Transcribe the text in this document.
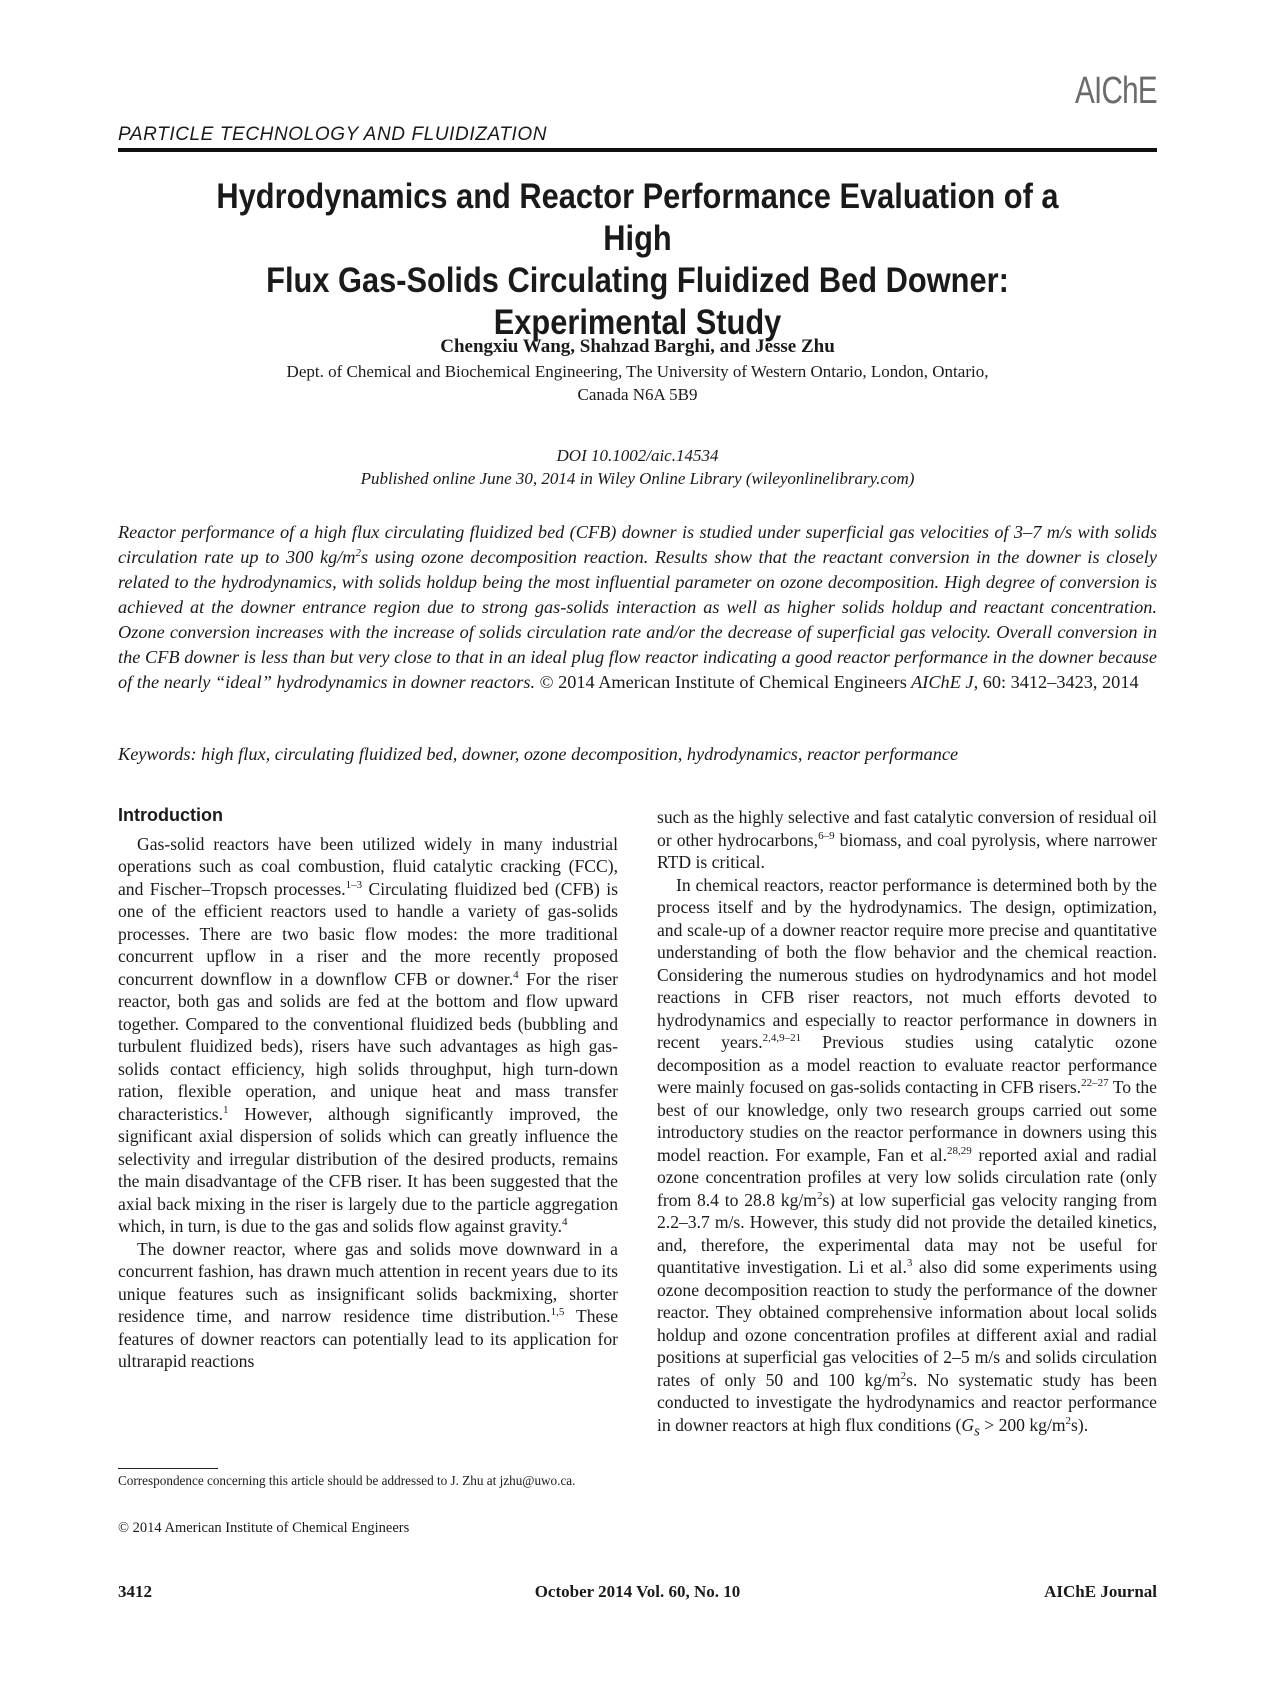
AIChE
PARTICLE TECHNOLOGY AND FLUIDIZATION
Hydrodynamics and Reactor Performance Evaluation of a High
Flux Gas-Solids Circulating Fluidized Bed Downer:
Experimental Study
Chengxiu Wang, Shahzad Barghi, and Jesse Zhu
Dept. of Chemical and Biochemical Engineering, The University of Western Ontario, London, Ontario,
Canada N6A 5B9
DOI 10.1002/aic.14534
Published online June 30, 2014 in Wiley Online Library (wileyonlinelibrary.com)
Reactor performance of a high flux circulating fluidized bed (CFB) downer is studied under superficial gas velocities of 3–7 m/s with solids circulation rate up to 300 $kg/m^2s$ using ozone decomposition reaction. Results show that the reactant conversion in the downer is closely related to the hydrodynamics, with solids holdup being the most influential parameter on ozone decomposition. High degree of conversion is achieved at the downer entrance region due to strong gas-solids interaction as well as higher solids holdup and reactant concentration. Ozone conversion increases with the increase of solids circulation rate and/or the decrease of superficial gas velocity. Overall conversion in the CFB downer is less than but very close to that in an ideal plug flow reactor indicating a good reactor performance in the downer because of the nearly “ideal” hydrodynamics in downer reactors. © 2014 American Institute of Chemical Engineers AIChE J, 60: 3412–3423, 2014
Keywords: high flux, circulating fluidized bed, downer, ozone decomposition, hydrodynamics, reactor performance
Introduction

Gas-solid reactors have been utilized widely in many industrial operations such as coal combustion, fluid catalytic cracking (FCC), and Fischer–Tropsch processes.$^{1-3}$ Circulating fluidized bed (CFB) is one of the efficient reactors used to handle a variety of gas-solids processes. There are two basic flow modes: the more traditional concurrent upflow in a riser and the more recently proposed concurrent downflow in a downflow CFB or downer.$^4$ For the riser reactor, both gas and solids are fed at the bottom and flow upward together. Compared to the conventional fluidized beds (bubbling and turbulent fluidized beds), risers have such advantages as high gas-solids contact efficiency, high solids throughput, high turn-down ration, flexible operation, and unique heat and mass transfer characteristics.$^1$ However, although significantly improved, the significant axial dispersion of solids which can greatly influence the selectivity and irregular distribution of the desired products, remains the main disadvantage of the CFB riser. It has been suggested that the axial back mixing in the riser is largely due to the particle aggregation which, in turn, is due to the gas and solids flow against gravity.$^4$

The downer reactor, where gas and solids move downward in a concurrent fashion, has drawn much attention in recent years due to its unique features such as insignificant solids backmixing, shorter residence time, and narrow residence time distribution.$^{1,5}$ These features of downer reactors can potentially lead to its application for ultrarapid reactions

such as the highly selective and fast catalytic conversion of residual oil or other hydrocarbons,$^{6-9}$ biomass, and coal pyrolysis, where narrower RTD is critical.

In chemical reactors, reactor performance is determined both by the process itself and by the hydrodynamics. The design, optimization, and scale-up of a downer reactor require more precise and quantitative understanding of both the flow behavior and the chemical reaction. Considering the numerous studies on hydrodynamics and hot model reactions in CFB riser reactors, not much efforts devoted to hydrodynamics and especially to reactor performance in downers in recent years.$^{2,4,9-21}$ Previous studies using catalytic ozone decomposition as a model reaction to evaluate reactor performance were mainly focused on gas-solids contacting in CFB risers.$^{22-27}$ To the best of our knowledge, only two research groups carried out some introductory studies on the reactor performance in downers using this model reaction. For example, Fan et al.$^{28,29}$ reported axial and radial ozone concentration profiles at very low solids circulation rate (only from 8.4 to 28.8 $kg/m^2s$) at low superficial gas velocity ranging from 2.2–3.7 m/s. However, this study did not provide the detailed kinetics, and, therefore, the experimental data may not be useful for quantitative investigation. Li et al.$^3$ also did some experiments using ozone decomposition reaction to study the performance of the downer reactor. They obtained comprehensive information about local solids holdup and ozone concentration profiles at different axial and radial positions at superficial gas velocities of 2–5 m/s and solids circulation rates of only 50 and 100 $kg/m^2s$. No systematic study has been conducted to investigate the hydrodynamics and reactor performance in downer reactors at high flux conditions ($G_s > 200$ $kg/m^2s$).

Correspondence concerning this article should be addressed to J. Zhu at jzhu@uwo.ca.
© 2014 American Institute of Chemical Engineers
3412	October 2014 Vol. 60, No. 10	AIChE Journal
